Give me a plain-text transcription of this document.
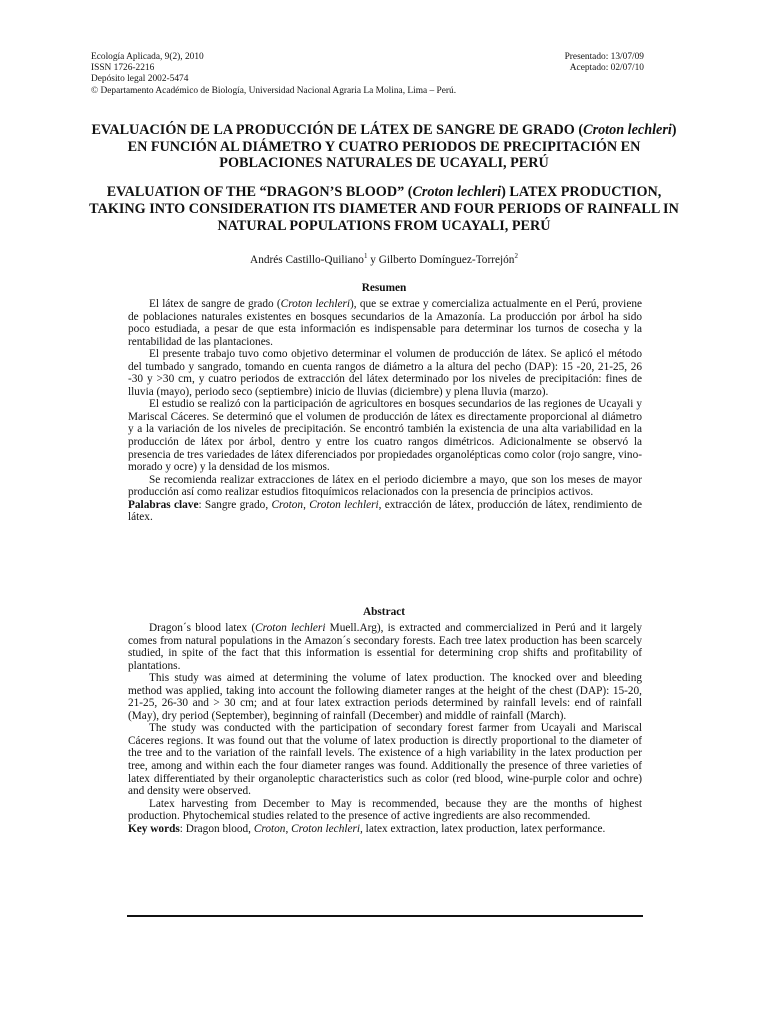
Ecología Aplicada, 9(2), 2010
ISSN 1726-2216
Depósito legal 2002-5474
© Departamento Académico de Biología, Universidad Nacional Agraria La Molina, Lima – Perú.
Presentado: 13/07/09
Aceptado: 02/07/10
EVALUACIÓN DE LA PRODUCCIÓN DE LÁTEX DE SANGRE DE GRADO (Croton lechleri) EN FUNCIÓN AL DIÁMETRO Y CUATRO PERIODOS DE PRECIPITACIÓN EN POBLACIONES NATURALES DE UCAYALI, PERÚ
EVALUATION OF THE “DRAGON’S BLOOD” (Croton lechleri) LATEX PRODUCTION, TAKING INTO CONSIDERATION ITS DIAMETER AND FOUR PERIODS OF RAINFALL IN NATURAL POPULATIONS FROM UCAYALI, PERÚ
Andrés Castillo-Quiliano$^1$ y Gilberto Domínguez-Torrejón$^2$
Resumen

El látex de sangre de grado (Croton lechleri), que se extrae y comercializa actualmente en el Perú, proviene de poblaciones naturales existentes en bosques secundarios de la Amazonía. La producción por árbol ha sido poco estudiada, a pesar de que esta información es indispensable para determinar los turnos de cosecha y la rentabilidad de las plantaciones.

El presente trabajo tuvo como objetivo determinar el volumen de producción de látex. Se aplicó el método del tumbado y sangrado, tomando en cuenta rangos de diámetro a la altura del pecho (DAP): 15 -20, 21-25, 26 -30 y >30 cm, y cuatro periodos de extracción del látex determinado por los niveles de precipitación: fines de lluvia (mayo), periodo seco (septiembre) inicio de lluvias (diciembre) y plena lluvia (marzo).

El estudio se realizó con la participación de agricultores en bosques secundarios de las regiones de Ucayali y Mariscal Cáceres. Se determinó que el volumen de producción de látex es directamente proporcional al diámetro y a la variación de los niveles de precipitación. Se encontró también la existencia de una alta variabilidad en la producción de látex por árbol, dentro y entre los cuatro rangos dimétricos. Adicionalmente se observó la presencia de tres variedades de látex diferenciados por propiedades organolépticas como color (rojo sangre, vino-morado y ocre) y la densidad de los mismos.

Se recomienda realizar extracciones de látex en el periodo diciembre a mayo, que son los meses de mayor producción así como realizar estudios fitoquímicos relacionados con la presencia de principios activos.

Palabras clave: Sangre grado, Croton, Croton lechleri, extracción de látex, producción de látex, rendimiento de látex.

Abstract

Dragon´s blood latex (Croton lechleri Muell.Arg), is extracted and commercialized in Perú and it largely comes from natural populations in the Amazon´s secondary forests. Each tree latex production has been scarcely studied, in spite of the fact that this information is essential for determining crop shifts and profitability of plantations.

This study was aimed at determining the volume of latex production. The knocked over and bleeding method was applied, taking into account the following diameter ranges at the height of the chest (DAP): 15-20, 21-25, 26-30 and > 30 cm; and at four latex extraction periods determined by rainfall levels: end of rainfall (May), dry period (September), beginning of rainfall (December) and middle of rainfall (March).

The study was conducted with the participation of secondary forest farmer from Ucayali and Mariscal Cáceres regions. It was found out that the volume of latex production is directly proportional to the diameter of the tree and to the variation of the rainfall levels. The existence of a high variability in the latex production per tree, among and within each the four diameter ranges was found. Additionally the presence of three varieties of latex differentiated by their organoleptic characteristics such as color (red blood, wine-purple color and ochre) and density were observed.

Latex harvesting from December to May is recommended, because they are the months of highest production. Phytochemical studies related to the presence of active ingredients are also recommended.

Key words: Dragon blood, Croton, Croton lechleri, latex extraction, latex production, latex performance.
